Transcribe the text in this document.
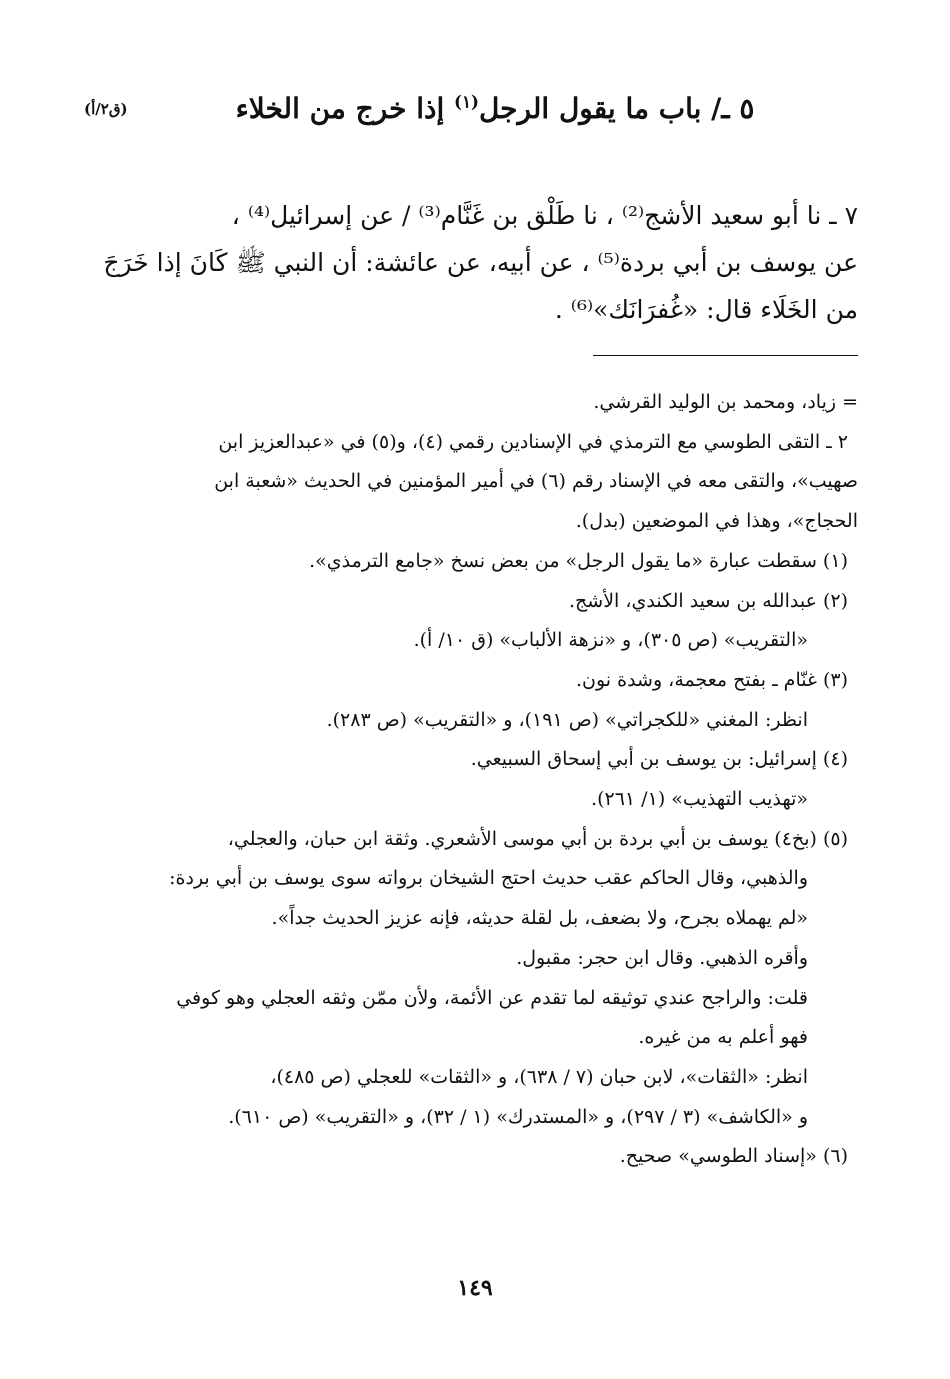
(ق٢/أ)	٥ ـ/ باب ما يقول الرجل$^{(١)}$ إذا خرج من الخلاء
٧ ـ نا أبو سعيد الأشج⁽²⁾ ، نا طَلْق بن غَنَّام⁽³⁾ / عن إسرائيل⁽⁴⁾ ،
عن يوسف بن أبي بردة⁽⁵⁾ ، عن أبيه، عن عائشة: أن النبي ﷺ كَانَ إذا خَرَجَ
من الخَلَاء قال: «غُفرَانَك»⁽⁶⁾ .
= زياد، ومحمد بن الوليد القرشي.
٢ ـ التقى الطوسي مع الترمذي في الإسنادين رقمي (٤)، و(٥) في «عبدالعزيز ابن
صهيب»، والتقى معه في الإسناد رقم (٦) في أمير المؤمنين في الحديث «شعبة ابن
الحجاج»، وهذا في الموضعين (بدل).
(١) سقطت عبارة «ما يقول الرجل» من بعض نسخ «جامع الترمذي».
(٢) عبدالله بن سعيد الكندي، الأشج.
«التقريب» (ص ٣٠٥)، و «نزهة الألباب» (ق ١٠/ أ).
(٣) غنّام ـ بفتح معجمة، وشدة نون.
انظر: المغني «للكجراتي» (ص ١٩١)، و «التقريب» (ص ٢٨٣).
(٤) إسرائيل: بن يوسف بن أبي إسحاق السبيعي.
«تهذيب التهذيب» (١/ ٢٦١).
(٥) (بخ٤) يوسف بن أبي بردة بن أبي موسى الأشعري. وثقة ابن حبان، والعجلي،
والذهبي، وقال الحاكم عقب حديث احتج الشيخان برواته سوى يوسف بن أبي بردة:
«لم يهملاه بجرح، ولا بضعف، بل لقلة حديثه، فإنه عزيز الحديث جداً».
وأقره الذهبي. وقال ابن حجر: مقبول.
قلت: والراجح عندي توثيقه لما تقدم عن الأئمة، ولأن ممّن وثقه العجلي وهو كوفي
فهو أعلم به من غيره.
انظر: «الثقات»، لابن حبان (٧ / ٦٣٨)، و «الثقات» للعجلي (ص ٤٨٥)،
و «الكاشف» (٣ / ٢٩٧)، و «المستدرك» (١ / ٣٢)، و «التقريب» (ص ٦١٠).
(٦) «إسناد الطوسي» صحيح.
١٤٩
